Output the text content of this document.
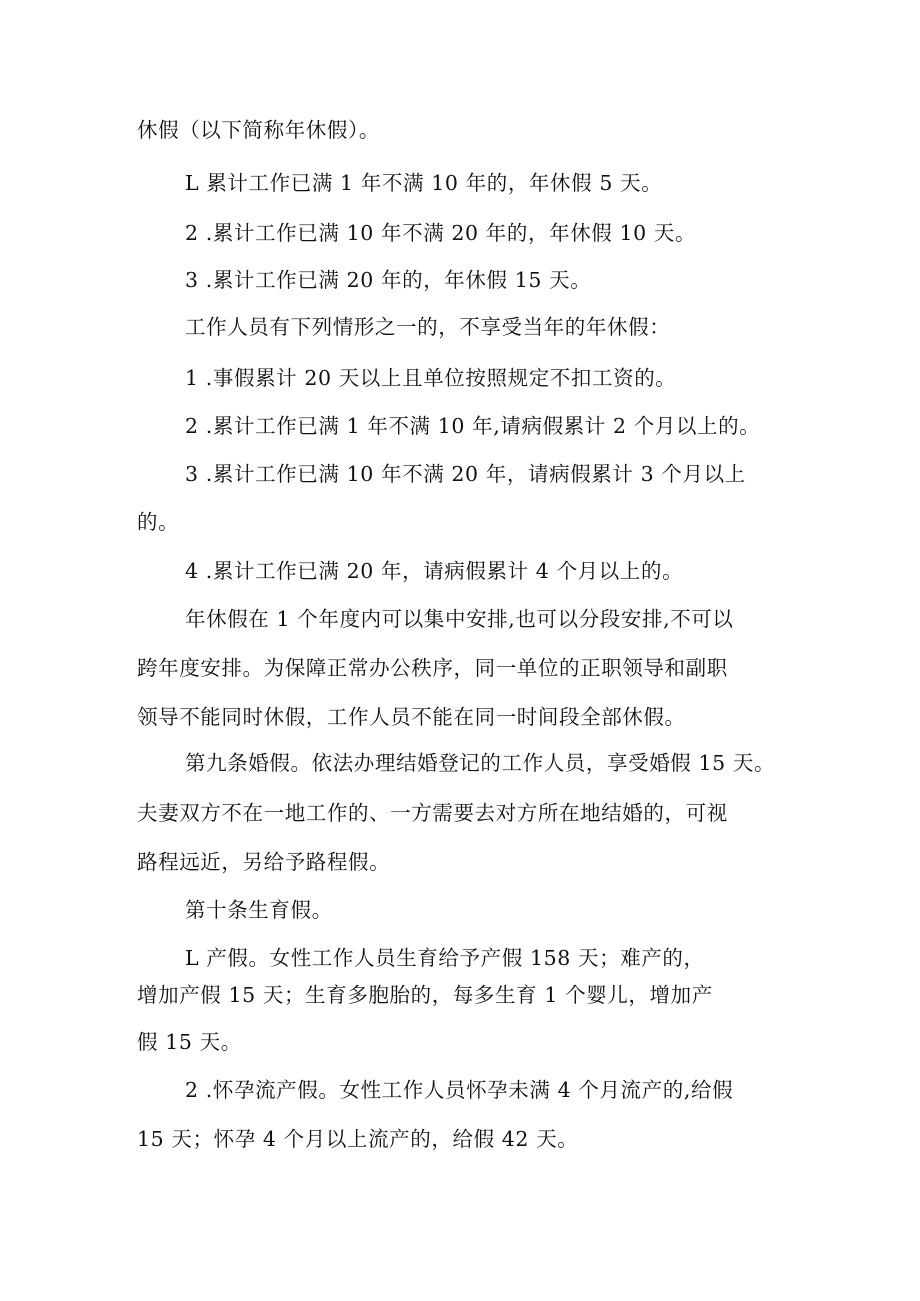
休假（以下简称年休假）。
L 累计工作已满 1 年不满 10 年的，年休假 5 天。
2 .累计工作已满 10 年不满 20 年的，年休假 10 天。
3 .累计工作已满 20 年的，年休假 15 天。
工作人员有下列情形之一的，不享受当年的年休假：
1 .事假累计 20 天以上且单位按照规定不扣工资的。
2 .累计工作已满 1 年不满 10 年,请病假累计 2 个月以上的。
3 .累计工作已满 10 年不满 20 年，请病假累计 3 个月以上
的。
4 .累计工作已满 20 年，请病假累计 4 个月以上的。
年休假在 1 个年度内可以集中安排,也可以分段安排,不可以
跨年度安排。为保障正常办公秩序，同一单位的正职领导和副职
领导不能同时休假，工作人员不能在同一时间段全部休假。
第九条婚假。依法办理结婚登记的工作人员，享受婚假 15 天。
夫妻双方不在一地工作的、一方需要去对方所在地结婚的，可视
路程远近，另给予路程假。
第十条生育假。
L 产假。女性工作人员生育给予产假 158 天；难产的，
增加产假 15 天；生育多胞胎的，每多生育 1 个婴儿，增加产
假 15 天。
2 .怀孕流产假。女性工作人员怀孕未满 4 个月流产的,给假
15 天；怀孕 4 个月以上流产的，给假 42 天。
